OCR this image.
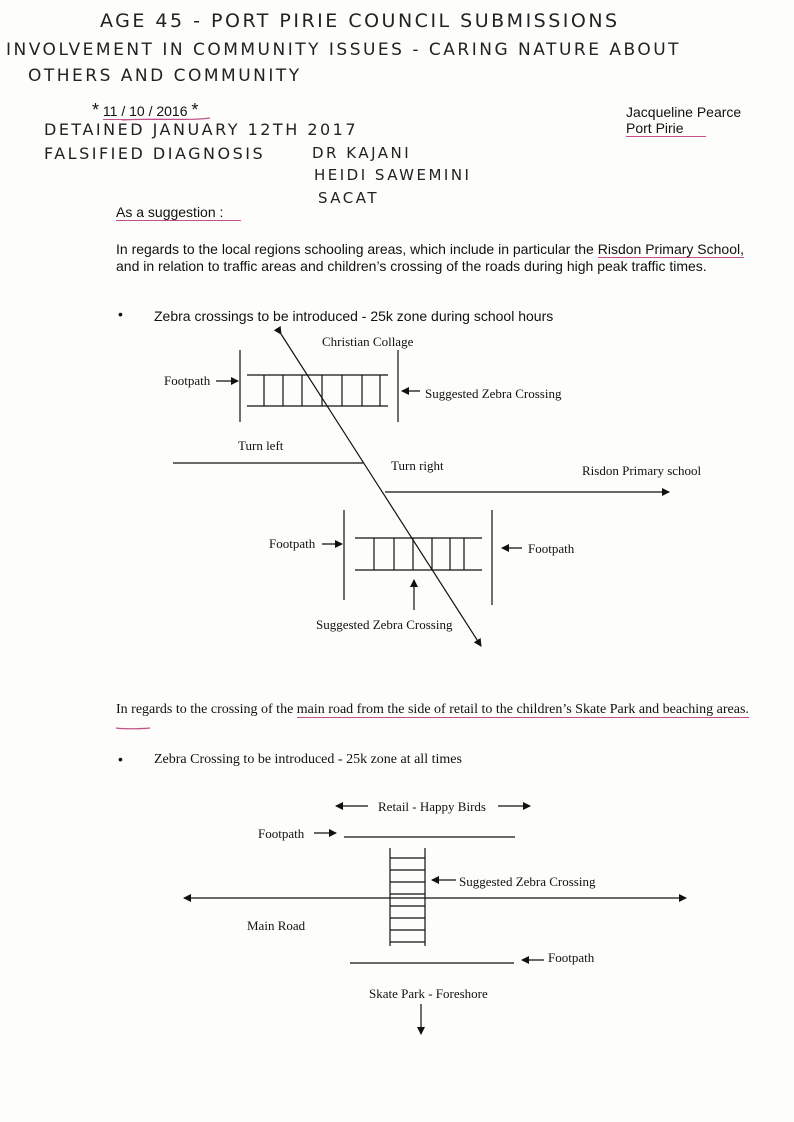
AGE 45 - PORT PIRIE COUNCIL SUBMISSIONS
INVOLVEMENT IN COMMUNITY ISSUES - CARING NATURE ABOUT
OTHERS AND COMMUNITY
* 11 / 10 / 2016 *
DETAINED JANUARY 12TH 2017
FALSIFIED DIAGNOSIS	DR KAJANI
HEIDI SAWEMINI
SACAT
Jacqueline Pearce
Port Pirie
As a suggestion :
In regards to the local regions schooling areas, which include in particular the Risdon Primary School, and in relation to traffic areas and children’s crossing of the roads during high peak traffic times.
• Zebra crossings to be introduced - 25k zone during school hours
Christian Collage
Footpath
Suggested Zebra Crossing
Turn left
Turn right	Risdon Primary school
Footpath	Footpath
Suggested Zebra Crossing
In regards to the crossing of the main road from the side of retail to the children’s Skate Park and beaching areas.
• Zebra Crossing to be introduced - 25k zone at all times
Retail - Happy Birds
Footpath
Suggested Zebra Crossing
Main Road
Footpath
Skate Park - Foreshore
